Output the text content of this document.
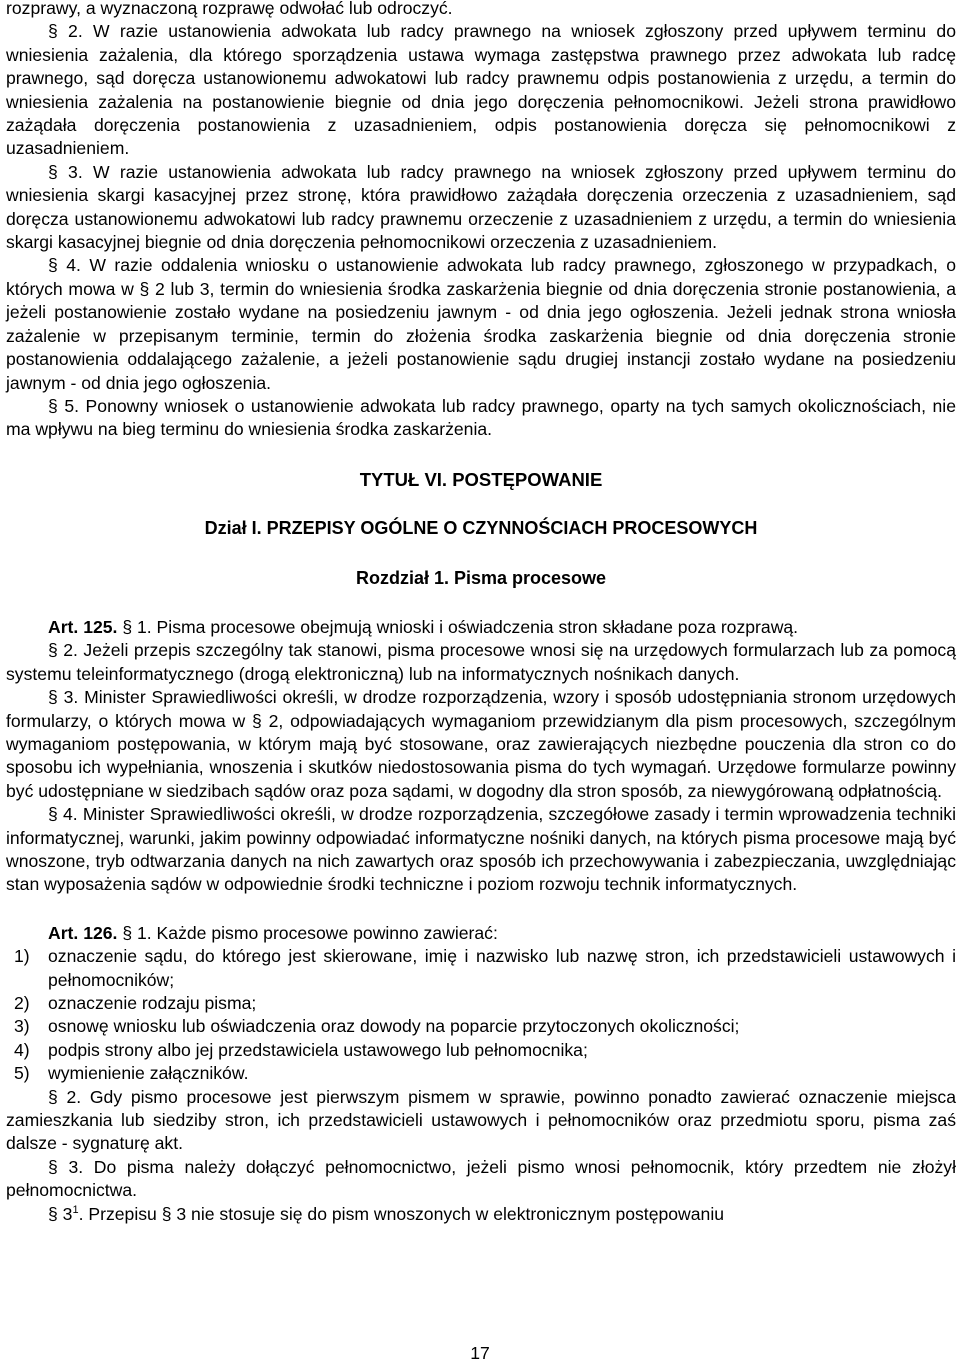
rozprawy, a wyznaczoną rozprawę odwołać lub odroczyć.

§ 2. W razie ustanowienia adwokata lub radcy prawnego na wniosek zgłoszony przed upływem terminu do wniesienia zażalenia, dla którego sporządzenia ustawa wymaga zastępstwa prawnego przez adwokata lub radcę prawnego, sąd doręcza ustanowionemu adwokatowi lub radcy prawnemu odpis postanowienia z urzędu, a termin do wniesienia zażalenia na postanowienie biegnie od dnia jego doręczenia pełnomocnikowi. Jeżeli strona prawidłowo zażądała doręczenia postanowienia z uzasadnieniem, odpis postanowienia doręcza się pełnomocnikowi z uzasadnieniem.

§ 3. W razie ustanowienia adwokata lub radcy prawnego na wniosek zgłoszony przed upływem terminu do wniesienia skargi kasacyjnej przez stronę, która prawidłowo zażądała doręczenia orzeczenia z uzasadnieniem, sąd doręcza ustanowionemu adwokatowi lub radcy prawnemu orzeczenie z uzasadnieniem z urzędu, a termin do wniesienia skargi kasacyjnej biegnie od dnia doręczenia pełnomocnikowi orzeczenia z uzasadnieniem.

§ 4. W razie oddalenia wniosku o ustanowienie adwokata lub radcy prawnego, zgłoszonego w przypadkach, o których mowa w § 2 lub 3, termin do wniesienia środka zaskarżenia biegnie od dnia doręczenia stronie postanowienia, a jeżeli postanowienie zostało wydane na posiedzeniu jawnym - od dnia jego ogłoszenia. Jeżeli jednak strona wniosła zażalenie w przepisanym terminie, termin do złożenia środka zaskarżenia biegnie od dnia doręczenia stronie postanowienia oddalającego zażalenie, a jeżeli postanowienie sądu drugiej instancji zostało wydane na posiedzeniu jawnym - od dnia jego ogłoszenia.

§ 5. Ponowny wniosek o ustanowienie adwokata lub radcy prawnego, oparty na tych samych okolicznościach, nie ma wpływu na bieg terminu do wniesienia środka zaskarżenia.

TYTUŁ VI. POSTĘPOWANIE

Dział I. PRZEPISY OGÓLNE O CZYNNOŚCIACH PROCESOWYCH

Rozdział 1. Pisma procesowe

Art. 125. § 1. Pisma procesowe obejmują wnioski i oświadczenia stron składane poza rozprawą.

§ 2. Jeżeli przepis szczególny tak stanowi, pisma procesowe wnosi się na urzędowych formularzach lub za pomocą systemu teleinformatycznego (drogą elektroniczną) lub na informatycznych nośnikach danych.

§ 3. Minister Sprawiedliwości określi, w drodze rozporządzenia, wzory i sposób udostępniania stronom urzędowych formularzy, o których mowa w § 2, odpowiadających wymaganiom przewidzianym dla pism procesowych, szczególnym wymaganiom postępowania, w którym mają być stosowane, oraz zawierających niezbędne pouczenia dla stron co do sposobu ich wypełniania, wnoszenia i skutków niedostosowania pisma do tych wymagań. Urzędowe formularze powinny być udostępniane w siedzibach sądów oraz poza sądami, w dogodny dla stron sposób, za niewygórowaną odpłatnością.

§ 4. Minister Sprawiedliwości określi, w drodze rozporządzenia, szczegółowe zasady i termin wprowadzenia techniki informatycznej, warunki, jakim powinny odpowiadać informatyczne nośniki danych, na których pisma procesowe mają być wnoszone, tryb odtwarzania danych na nich zawartych oraz sposób ich przechowywania i zabezpieczania, uwzględniając stan wyposażenia sądów w odpowiednie środki techniczne i poziom rozwoju technik informatycznych.

Art. 126. § 1. Każde pismo procesowe powinno zawierać:

1) oznaczenie sądu, do którego jest skierowane, imię i nazwisko lub nazwę stron, ich przedstawicieli ustawowych i pełnomocników;
2) oznaczenie rodzaju pisma;
3) osnowę wniosku lub oświadczenia oraz dowody na poparcie przytoczonych okoliczności;
4) podpis strony albo jej przedstawiciela ustawowego lub pełnomocnika;
5) wymienienie załączników.

§ 2. Gdy pismo procesowe jest pierwszym pismem w sprawie, powinno ponadto zawierać oznaczenie miejsca zamieszkania lub siedziby stron, ich przedstawicieli ustawowych i pełnomocników oraz przedmiotu sporu, pisma zaś dalsze - sygnaturę akt.

§ 3. Do pisma należy dołączyć pełnomocnictwo, jeżeli pismo wnosi pełnomocnik, który przedtem nie złożył pełnomocnictwa.

§ $3^1$. Przepisu § 3 nie stosuje się do pism wnoszonych w elektronicznym postępowaniu

17
